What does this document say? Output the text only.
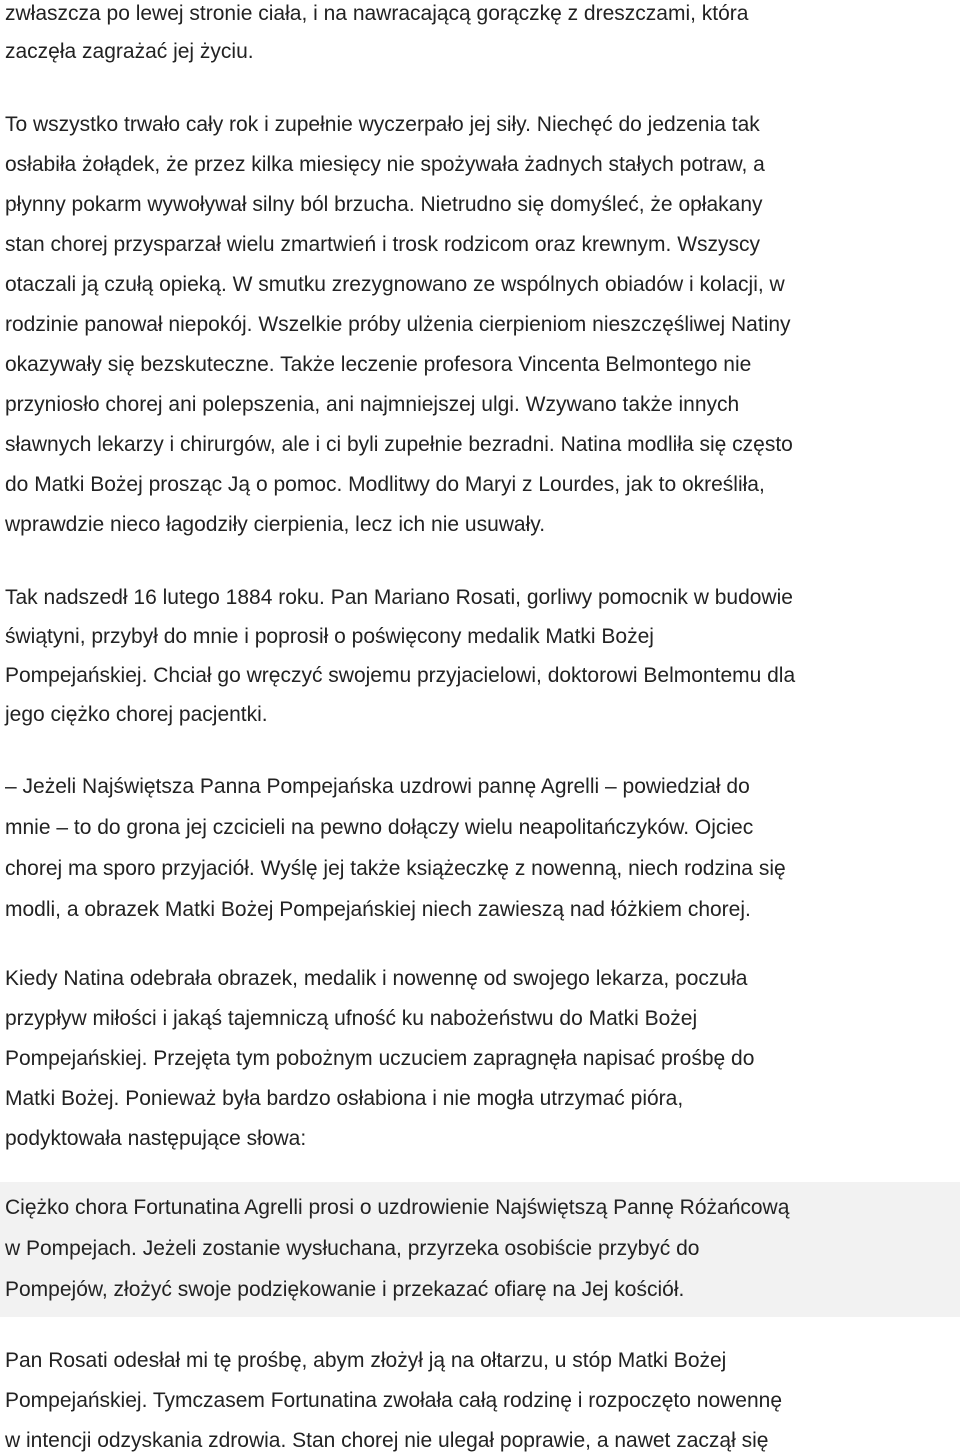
zwłaszcza po lewej stronie ciała, i na nawracającą gorączkę z dreszczami, która
zaczęła zagrażać jej życiu.
To wszystko trwało cały rok i zupełnie wyczerpało jej siły. Niechęć do jedzenia tak
osłabiła żołądek, że przez kilka miesięcy nie spożywała żadnych stałych potraw, a
płynny pokarm wywoływał silny ból brzucha. Nietrudno się domyśleć, że opłakany
stan chorej przysparzał wielu zmartwień i trosk rodzicom oraz krewnym. Wszyscy
otaczali ją czułą opieką. W smutku zrezygnowano ze wspólnych obiadów i kolacji, w
rodzinie panował niepokój. Wszelkie próby ulżenia cierpieniom nieszczęśliwej Natiny
okazywały się bezskuteczne. Także leczenie profesora Vincenta Belmontego nie
przyniosło chorej ani polepszenia, ani najmniejszej ulgi. Wzywano także innych
sławnych lekarzy i chirurgów, ale i ci byli zupełnie bezradni. Natina modliła się często
do Matki Bożej prosząc Ją o pomoc. Modlitwy do Maryi z Lourdes, jak to określiła,
wprawdzie nieco łagodziły cierpienia, lecz ich nie usuwały.
Tak nadszedł 16 lutego 1884 roku. Pan Mariano Rosati, gorliwy pomocnik w budowie
świątyni, przybył do mnie i poprosił o poświęcony medalik Matki Bożej
Pompejańskiej. Chciał go wręczyć swojemu przyjacielowi, doktorowi Belmontemu dla
jego ciężko chorej pacjentki.
– Jeżeli Najświętsza Panna Pompejańska uzdrowi pannę Agrelli – powiedział do
mnie – to do grona jej czcicieli na pewno dołączy wielu neapolitańczyków. Ojciec
chorej ma sporo przyjaciół. Wyślę jej także książeczkę z nowenną, niech rodzina się
modli, a obrazek Matki Bożej Pompejańskiej niech zawieszą nad łóżkiem chorej.
Kiedy Natina odebrała obrazek, medalik i nowennę od swojego lekarza, poczuła
przypływ miłości i jakąś tajemniczą ufność ku nabożeństwu do Matki Bożej
Pompejańskiej. Przejęta tym pobożnym uczuciem zapragnęła napisać prośbę do
Matki Bożej. Ponieważ była bardzo osłabiona i nie mogła utrzymać pióra,
podyktowała następujące słowa:
Ciężko chora Fortunatina Agrelli prosi o uzdrowienie Najświętszą Pannę Różańcową
w Pompejach. Jeżeli zostanie wysłuchana, przyrzeka osobiście przybyć do
Pompejów, złożyć swoje podziękowanie i przekazać ofiarę na Jej kościół.
Pan Rosati odesłał mi tę prośbę, abym złożył ją na ołtarzu, u stóp Matki Bożej
Pompejańskiej. Tymczasem Fortunatina zwołała całą rodzinę i rozpoczęto nowennę
w intencji odzyskania zdrowia. Stan chorej nie ulegał poprawie, a nawet zaczął się
